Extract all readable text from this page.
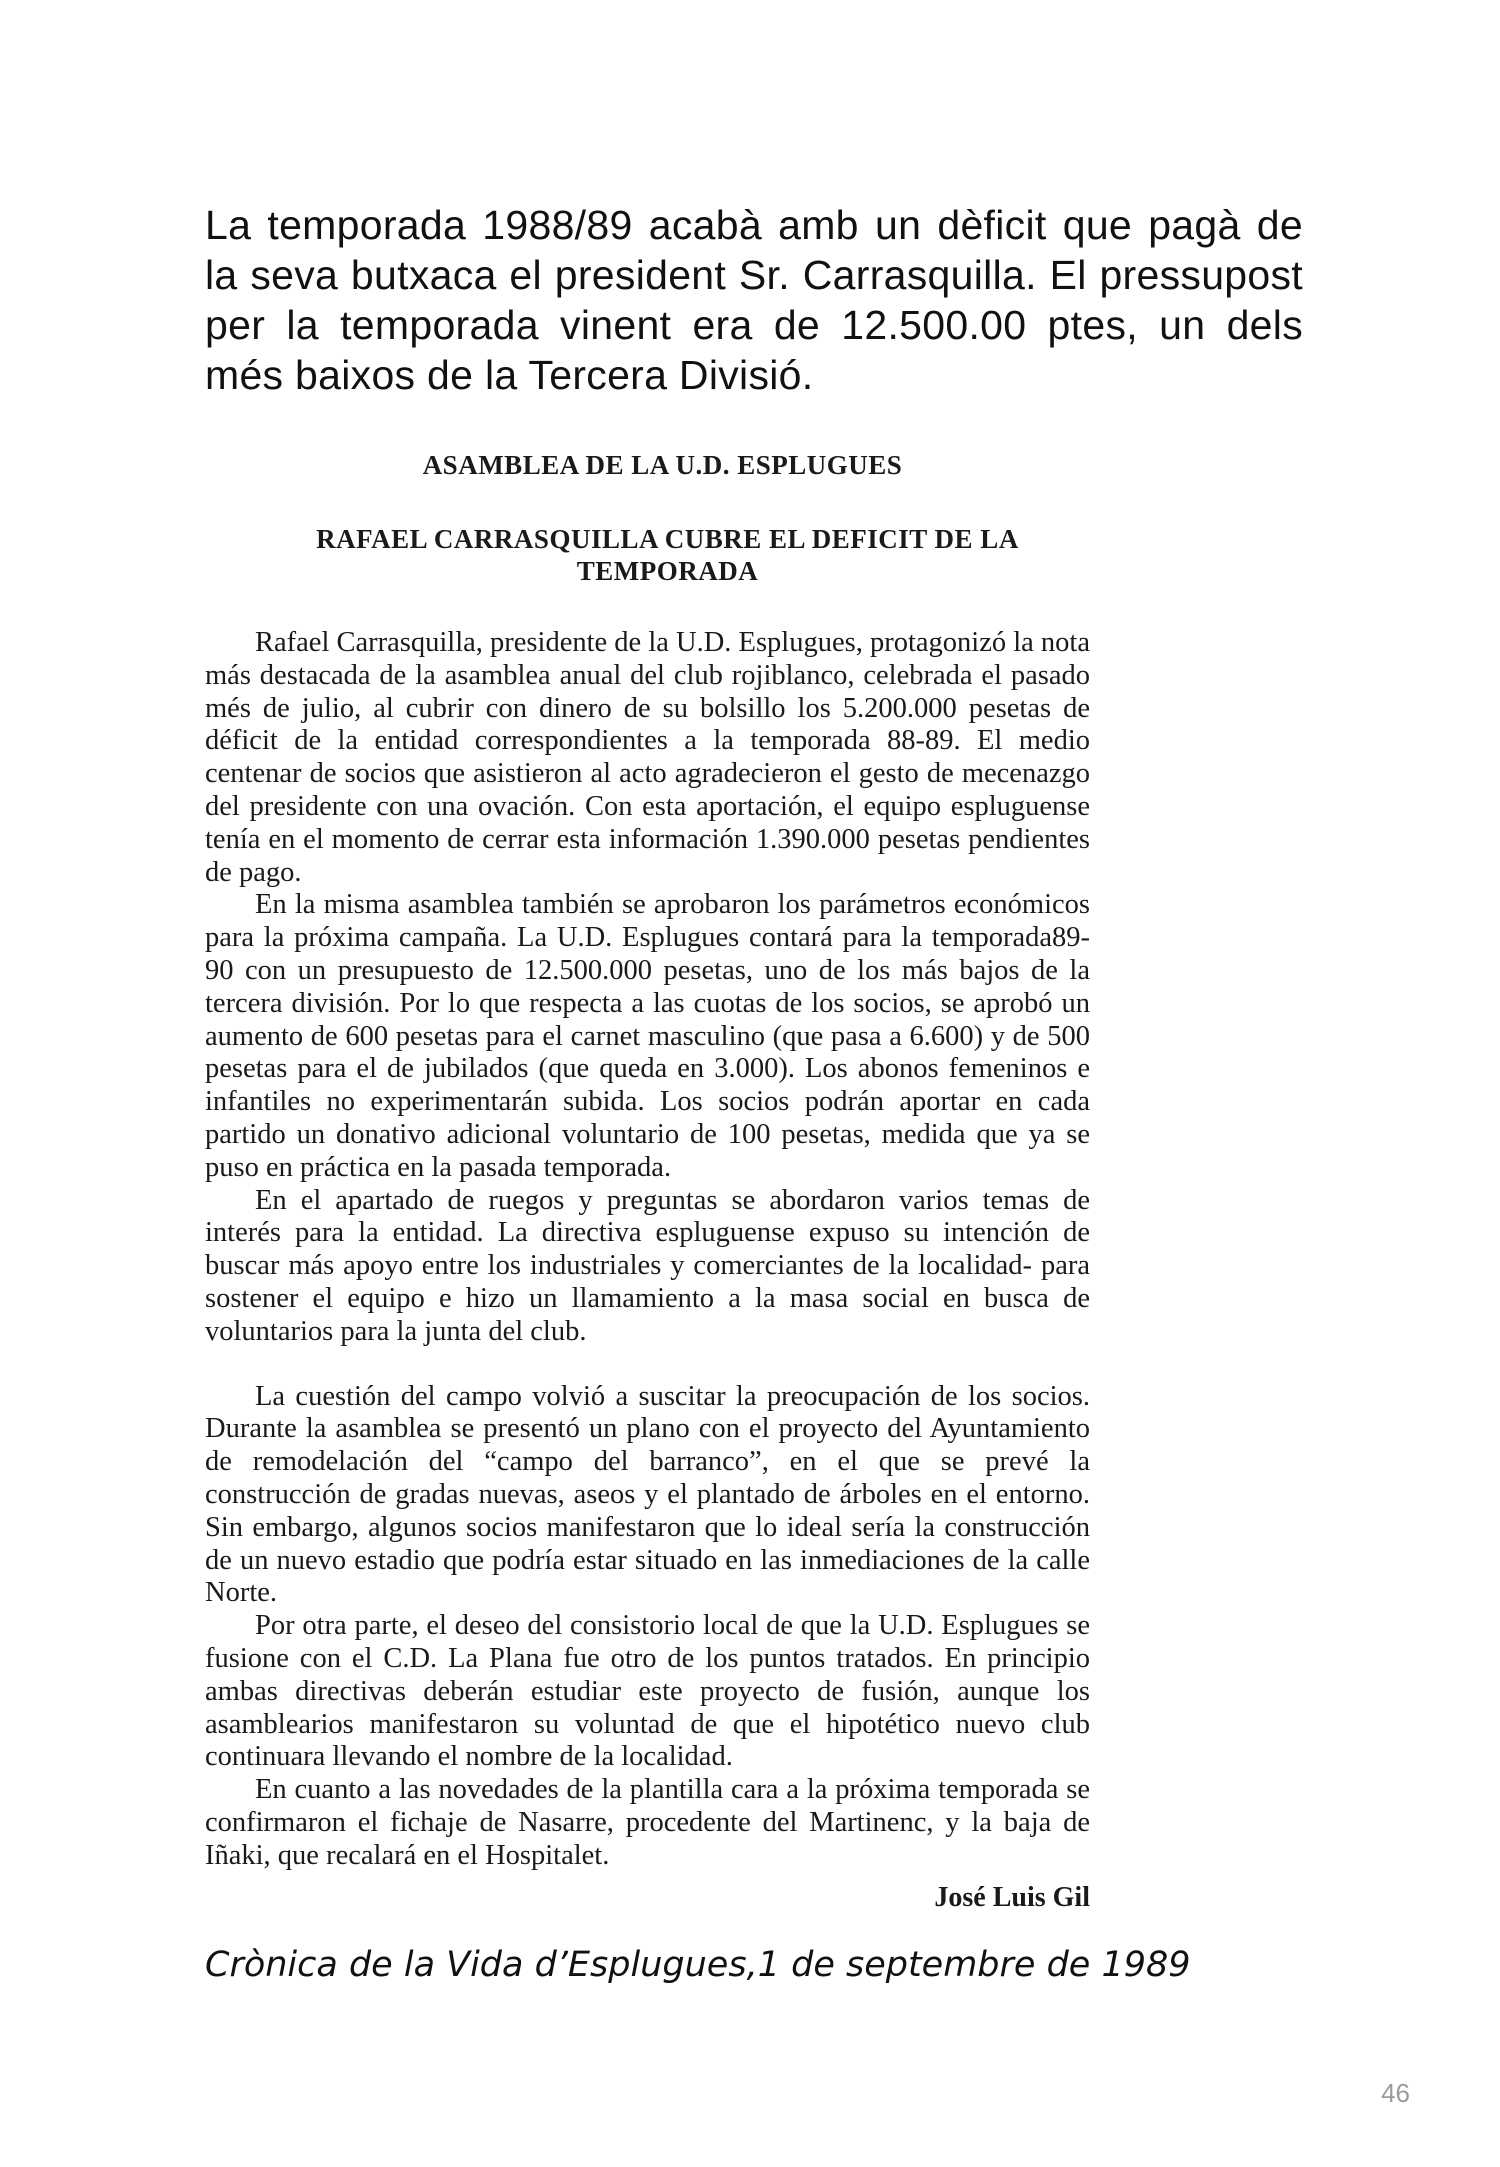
La temporada 1988/89 acabà amb un dèficit que pagà de la seva butxaca el president Sr. Carrasquilla. El pressupost per la temporada vinent era de 12.500.00 ptes, un dels més baixos de la Tercera Divisió.
ASAMBLEA DE LA U.D. ESPLUGUES
RAFAEL CARRASQUILLA CUBRE EL DEFICIT DE LA TEMPORADA

Rafael Carrasquilla, presidente de la U.D. Esplugues, protagonizó la nota más destacada de la asamblea anual del club rojiblanco, celebrada el pasado més de julio, al cubrir con dinero de su bolsillo los 5.200.000 pesetas de déficit de la entidad correspondientes a la temporada 88-89. El medio centenar de socios que asistieron al acto agradecieron el gesto de mecenazgo del presidente con una ovación. Con esta aportación, el equipo espluguense tenía en el momento de cerrar esta información 1.390.000 pesetas pendientes de pago.

En la misma asamblea también se aprobaron los parámetros económicos para la próxima campaña. La U.D. Esplugues contará para la temporada89-90 con un presupuesto de 12.500.000 pesetas, uno de los más bajos de la tercera división. Por lo que respecta a las cuotas de los socios, se aprobó un aumento de 600 pesetas para el carnet masculino (que pasa a 6.600) y de 500 pesetas para el de jubilados (que queda en 3.000). Los abonos femeninos e infantiles no experimentarán subida. Los socios podrán aportar en cada partido un donativo adicional voluntario de 100 pesetas, medida que ya se puso en práctica en la pasada temporada.

En el apartado de ruegos y preguntas se abordaron varios temas de interés para la entidad. La directiva espluguense expuso su intención de buscar más apoyo entre los industriales y comerciantes de la localidad- para sostener el equipo e hizo un llamamiento a la masa social en busca de voluntarios para la junta del club.

La cuestión del campo volvió a suscitar la preocupación de los socios. Durante la asamblea se presentó un plano con el proyecto del Ayuntamiento de remodelación del “campo del barranco”, en el que se prevé la construcción de gradas nuevas, aseos y el plantado de árboles en el entorno. Sin embargo, algunos socios manifestaron que lo ideal sería la construcción de un nuevo estadio que podría estar situado en las inmediaciones de la calle Norte.

Por otra parte, el deseo del consistorio local de que la U.D. Esplugues se fusione con el C.D. La Plana fue otro de los puntos tratados. En principio ambas directivas deberán estudiar este proyecto de fusión, aunque los asamblearios manifestaron su voluntad de que el hipotético nuevo club continuara llevando el nombre de la localidad.

En cuanto a las novedades de la plantilla cara a la próxima temporada se confirmaron el fichaje de Nasarre, procedente del Martinenc, y la baja de Iñaki, que recalará en el Hospitalet.

José Luis Gil
Crònica de la Vida d’Esplugues,1 de septembre de 1989
46
